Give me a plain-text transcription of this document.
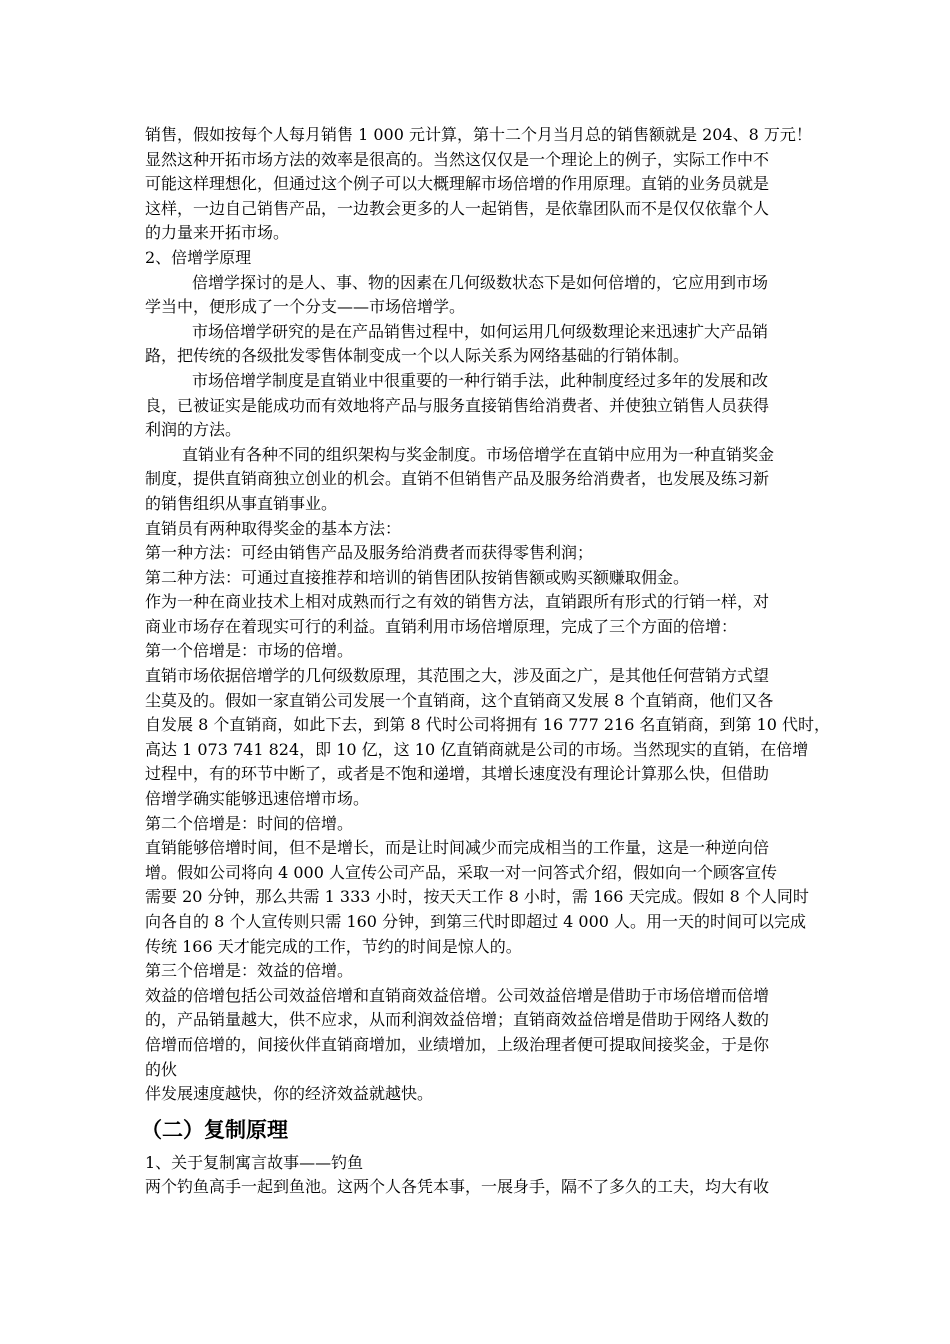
销售，假如按每个人每月销售 1 000 元计算，第十二个月当月总的销售额就是 204、8 万元！

显然这种开拓市场方法的效率是很高的。当然这仅仅是一个理论上的例子，实际工作中不

可能这样理想化，但通过这个例子可以大概理解市场倍增的作用原理。直销的业务员就是

这样，一边自己销售产品，一边教会更多的人一起销售，是依靠团队而不是仅仅依靠个人

的力量来开拓市场。

2、倍增学原理

倍增学探讨的是人、事、物的因素在几何级数状态下是如何倍增的，它应用到市场

学当中，便形成了一个分支——市场倍增学。

市场倍增学研究的是在产品销售过程中，如何运用几何级数理论来迅速扩大产品销

路，把传统的各级批发零售体制变成一个以人际关系为网络基础的行销体制。

市场倍增学制度是直销业中很重要的一种行销手法，此种制度经过多年的发展和改

良，已被证实是能成功而有效地将产品与服务直接销售给消费者、并使独立销售人员获得

利润的方法。

直销业有各种不同的组织架构与奖金制度。市场倍增学在直销中应用为一种直销奖金

制度，提供直销商独立创业的机会。直销不但销售产品及服务给消费者，也发展及练习新

的销售组织从事直销事业。

直销员有两种取得奖金的基本方法：

第一种方法：可经由销售产品及服务给消费者而获得零售利润；

第二种方法：可通过直接推荐和培训的销售团队按销售额或购买额赚取佣金。

作为一种在商业技术上相对成熟而行之有效的销售方法，直销跟所有形式的行销一样，对

商业市场存在着现实可行的利益。直销利用市场倍增原理，完成了三个方面的倍增：

第一个倍增是：市场的倍增。

直销市场依据倍增学的几何级数原理，其范围之大，涉及面之广，是其他任何营销方式望

尘莫及的。假如一家直销公司发展一个直销商，这个直销商又发展 8 个直销商，他们又各

自发展 8 个直销商，如此下去，到第 8 代时公司将拥有 16 777 216 名直销商，到第 10 代时，

高达 1 073 741 824，即 10 亿，这 10 亿直销商就是公司的市场。当然现实的直销，在倍增

过程中，有的环节中断了，或者是不饱和递增，其增长速度没有理论计算那么快，但借助

倍增学确实能够迅速倍增市场。

第二个倍增是：时间的倍增。

直销能够倍增时间，但不是增长，而是让时间减少而完成相当的工作量，这是一种逆向倍

增。假如公司将向 4 000 人宣传公司产品，采取一对一问答式介绍，假如向一个顾客宣传

需要 20 分钟，那么共需 1 333 小时，按天天工作 8 小时，需 166 天完成。假如 8 个人同时

向各自的 8 个人宣传则只需 160 分钟，到第三代时即超过 4 000 人。用一天的时间可以完成

传统 166 天才能完成的工作，节约的时间是惊人的。

第三个倍增是：效益的倍增。

效益的倍增包括公司效益倍增和直销商效益倍增。公司效益倍增是借助于市场倍增而倍增

的，产品销量越大，供不应求，从而利润效益倍增；直销商效益倍增是借助于网络人数的

倍增而倍增的，间接伙伴直销商增加，业绩增加，上级治理者便可提取间接奖金，于是你

的伙

伴发展速度越快，你的经济效益就越快。

（二）复制原理

1、关于复制寓言故事——钓鱼

两个钓鱼高手一起到鱼池。这两个人各凭本事，一展身手，隔不了多久的工夫，均大有收
